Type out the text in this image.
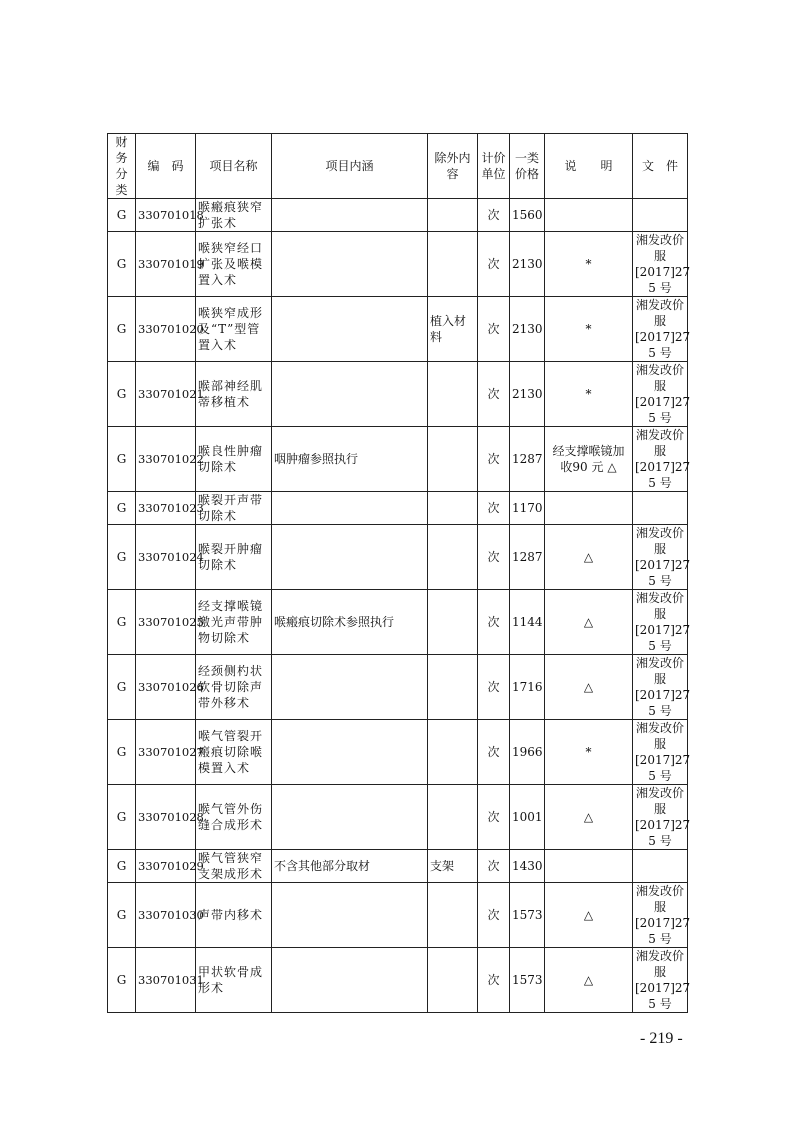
财务分类	编　码	项目名称	项目内涵	除外内容	计价单位	一类价格	说　　明	文　件
G	330701018	喉瘢痕狭窄扩张术			次	1560		
G	330701019	喉狭窄经口扩张及喉模置入术			次	2130	*	湘发改价
服
[2017]27
5 号

G	330701020	喉狭窄成形及“T”型管置入术		植入材料	次	2130	*	湘发改价
服
[2017]27
5 号

G	330701021	喉部神经肌蒂移植术			次	2130	*	湘发改价
服
[2017]27
5 号

G	330701022	喉良性肿瘤切除术	咽肿瘤参照执行		次	1287	经支撑喉镜加收90 元 △	湘发改价
服
[2017]27
5 号

G	330701023	喉裂开声带切除术			次	1170		
G	330701024	喉裂开肿瘤切除术			次	1287	△	湘发改价
服
[2017]27
5 号

G	330701025	经支撑喉镜激光声带肿物切除术	喉瘢痕切除术参照执行		次	1144	△	湘发改价
服
[2017]27
5 号

G	330701026	经颈侧杓状软骨切除声带外移术			次	1716	△	湘发改价
服
[2017]27
5 号

G	330701027	喉气管裂开瘢痕切除喉模置入术			次	1966	*	湘发改价
服
[2017]27
5 号

G	330701028	喉气管外伤缝合成形术			次	1001	△	湘发改价
服
[2017]27
5 号

G	330701029	喉气管狭窄支架成形术	不含其他部分取材	支架	次	1430		
G	330701030	声带内移术			次	1573	△	湘发改价
服
[2017]27
5 号

G	330701031	甲状软骨成形术			次	1573	△	湘发改价
服
[2017]27
5 号
- 219 -
